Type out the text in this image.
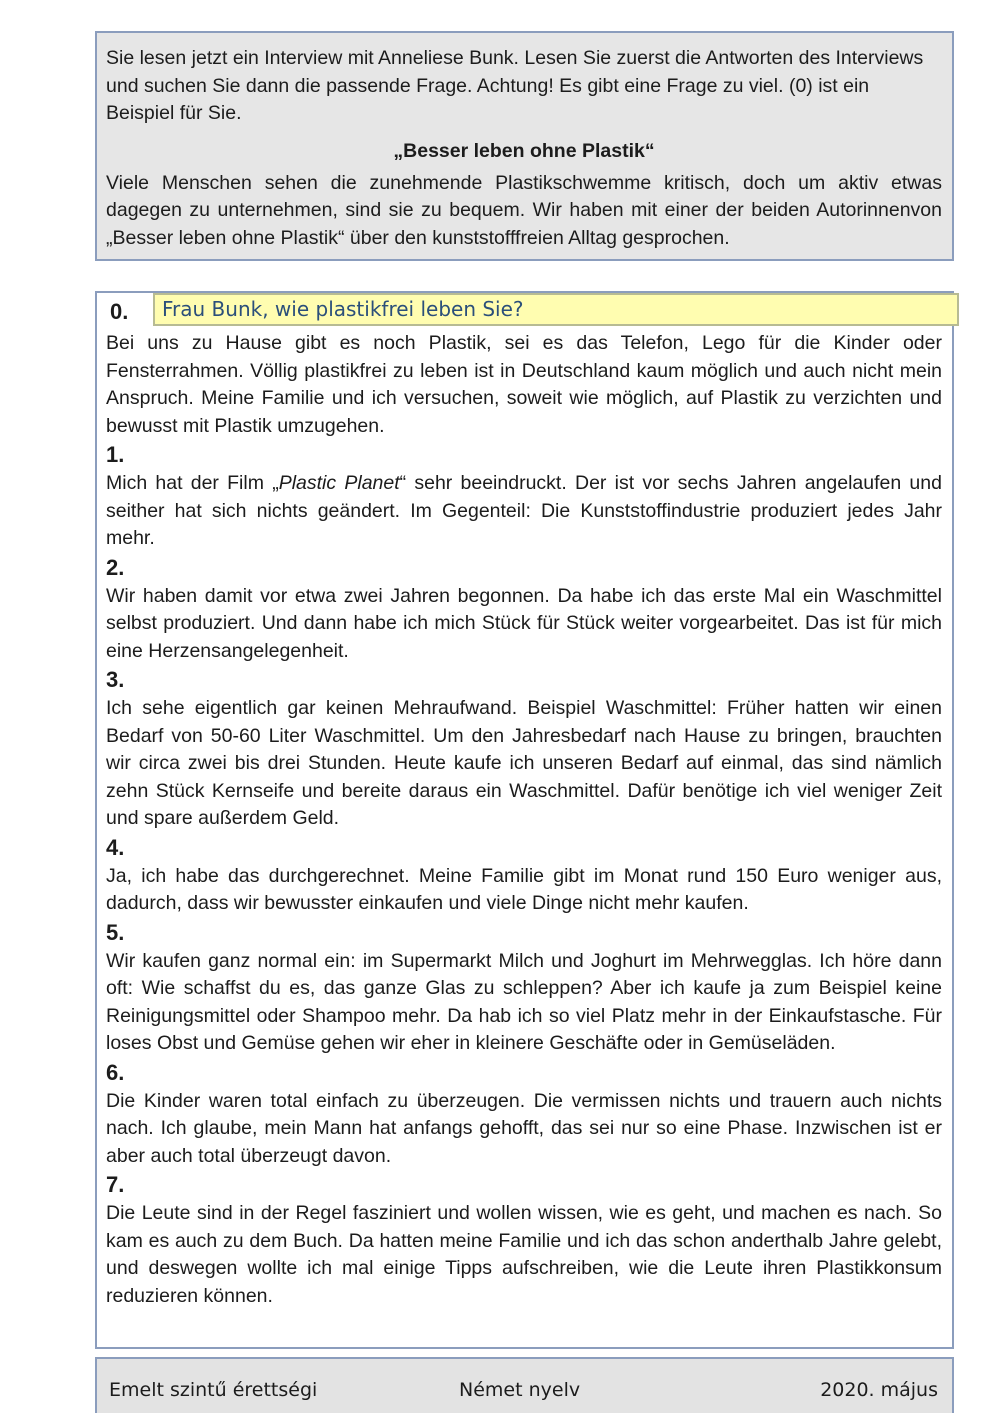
Sie lesen jetzt ein Interview mit Anneliese Bunk. Lesen Sie zuerst die Antworten des Interviews und suchen Sie dann die passende Frage. Achtung! Es gibt eine Frage zu viel. (0) ist ein Beispiel für Sie.

„Besser leben ohne Plastik“

Viele Menschen sehen die zunehmende Plastikschwemme kritisch, doch um aktiv etwas dagegen zu unternehmen, sind sie zu bequem. Wir haben mit einer der beiden Autorinnenvon „Besser leben ohne Plastik“ über den kunststofffreien Alltag gesprochen.

0.	Frau Bunk, wie plastikfrei leben Sie?

Bei uns zu Hause gibt es noch Plastik, sei es das Telefon, Lego für die Kinder oder Fensterrahmen. Völlig plastikfrei zu leben ist in Deutschland kaum möglich und auch nicht mein Anspruch. Meine Familie und ich versuchen, soweit wie möglich, auf Plastik zu verzichten und bewusst mit Plastik umzugehen.

1.

Mich hat der Film „Plastic Planet“ sehr beeindruckt. Der ist vor sechs Jahren angelaufen und seither hat sich nichts geändert. Im Gegenteil: Die Kunststoffindustrie produziert jedes Jahr mehr.

2.

Wir haben damit vor etwa zwei Jahren begonnen. Da habe ich das erste Mal ein Waschmittel selbst produziert. Und dann habe ich mich Stück für Stück weiter vorgearbeitet. Das ist für mich eine Herzensangelegenheit.

3.

Ich sehe eigentlich gar keinen Mehraufwand. Beispiel Waschmittel: Früher hatten wir einen Bedarf von 50-60 Liter Waschmittel. Um den Jahresbedarf nach Hause zu bringen, brauchten wir circa zwei bis drei Stunden. Heute kaufe ich unseren Bedarf auf einmal, das sind nämlich zehn Stück Kernseife und bereite daraus ein Waschmittel. Dafür benötige ich viel weniger Zeit und spare außerdem Geld.

4.

Ja, ich habe das durchgerechnet. Meine Familie gibt im Monat rund 150 Euro weniger aus, dadurch, dass wir bewusster einkaufen und viele Dinge nicht mehr kaufen.

5.

Wir kaufen ganz normal ein: im Supermarkt Milch und Joghurt im Mehrwegglas. Ich höre dann oft: Wie schaffst du es, das ganze Glas zu schleppen? Aber ich kaufe ja zum Beispiel keine Reinigungsmittel oder Shampoo mehr. Da hab ich so viel Platz mehr in der Einkaufstasche. Für loses Obst und Gemüse gehen wir eher in kleinere Geschäfte oder in Gemüseläden.

6.

Die Kinder waren total einfach zu überzeugen. Die vermissen nichts und trauern auch nichts nach. Ich glaube, mein Mann hat anfangs gehofft, das sei nur so eine Phase. Inzwischen ist er aber auch total überzeugt davon.

7.

Die Leute sind in der Regel fasziniert und wollen wissen, wie es geht, und machen es nach. So kam es auch zu dem Buch. Da hatten meine Familie und ich das schon anderthalb Jahre gelebt, und deswegen wollte ich mal einige Tipps aufschreiben, wie die Leute ihren Plastikkonsum reduzieren können.

Emelt szintű érettségi	Német nyelv	2020. május
